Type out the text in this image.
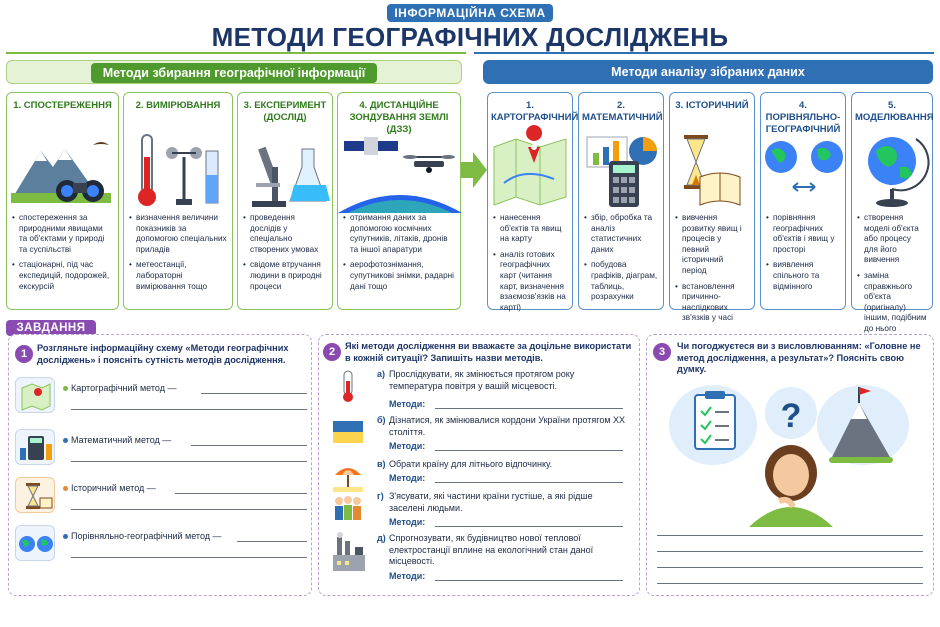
ІНФОРМАЦІЙНА СХЕМА
МЕТОДИ ГЕОГРАФІЧНИХ ДОСЛІДЖЕНЬ
Методи збирання географічної інформації	Методи аналізу зібраних даних
1. СПОСТЕРЕЖЕННЯ
• спостереження за природними явищами та об'єктами у природі та суспільстві
• стаціонарні, під час експедицій, подорожей, екскурсій
2. ВИМІРЮВАННЯ
• визначення величини показників за допомогою спеціальних приладів
• метеостанції, лабораторні вимірювання тощо
3. ЕКСПЕРИМЕНТ (ДОСЛІД)
• проведення дослідів у спеціально створених умовах
• свідоме втручання людини в природні процеси
4. ДИСТАНЦІЙНЕ ЗОНДУВАННЯ ЗЕМЛІ (ДЗЗ)
• отримання даних за допомогою космічних супутників, літаків, дронів та іншої апаратури
• аерофотознімання, супутникові знімки, радарні дані тощо
1. КАРТОГРАФІЧНИЙ
• нанесення об'єктів та явищ на карту
• аналіз готових географічних карт (читання карт, визначення взаємозв'язків на карті)
2. МАТЕМАТИЧНИЙ
• збір, обробка та аналіз статистичних даних
• побудова графіків, діаграм, таблиць, розрахунки
3. ІСТОРИЧНИЙ
• вивчення розвитку явищ і процесів у певний історичний період
• встановлення причинно-наслідкових зв'язків у часі
4. ПОРІВНЯЛЬНО-ГЕОГРАФІЧНИЙ
• порівняння географічних об'єктів і явищ у просторі
• виявлення спільного та відмінного
5. МОДЕЛЮВАННЯ
• створення моделі об'єкта або процесу для його вивчення
• заміна справжнього об'єкта (оригіналу) іншим, подібним до нього
ЗАВДАННЯ
1	Розгляньте інформаційну схему «Методи географічних досліджень» і поясніть сутність методів дослідження.
Картографічний метод —
Математичний метод —
Історичний метод —
Порівняльно-географічний метод —
2	Які методи дослідження ви вважаєте за доцільне використати в кожній ситуації? Запишіть назви методів.
а) Прослідкувати, як змінюється протягом року температура повітря у вашій місцевості.
Методи:
б) Дізнатися, як змінювалися кордони України протягом XX століття.
Методи:
в) Обрати країну для літнього відпочинку.
Методи:
г) З'ясувати, які частини країни густіше, а які рідше заселені людьми.
Методи:
д) Спрогнозувати, як будівництво нової теплової електростанції вплине на екологічний стан даної місцевості.
Методи:
3	Чи погоджуєтеся ви з висловлюванням: «Головне не метод дослідження, а результат»? Поясніть свою думку.
?
